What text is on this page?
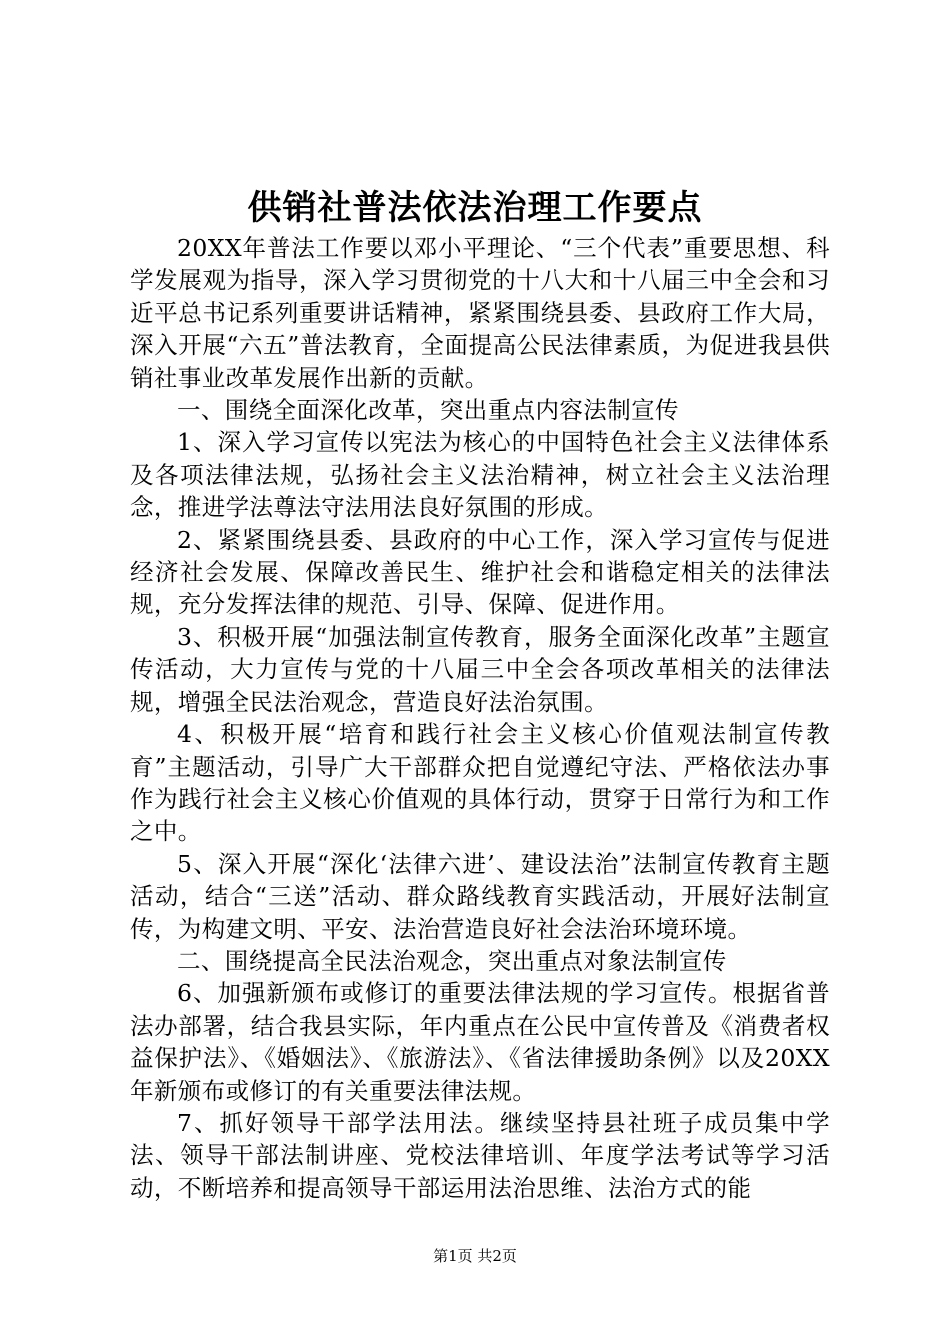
供销社普法依法治理工作要点

20XX年普法工作要以邓小平理论、“三个代表”重要思想、科学发展观为指导，深入学习贯彻党的十八大和十八届三中全会和习近平总书记系列重要讲话精神，紧紧围绕县委、县政府工作大局，深入开展“六五”普法教育，全面提高公民法律素质，为促进我县供销社事业改革发展作出新的贡献。

一、围绕全面深化改革，突出重点内容法制宣传

1、深入学习宣传以宪法为核心的中国特色社会主义法律体系及各项法律法规，弘扬社会主义法治精神，树立社会主义法治理念，推进学法尊法守法用法良好氛围的形成。

2、紧紧围绕县委、县政府的中心工作，深入学习宣传与促进经济社会发展、保障改善民生、维护社会和谐稳定相关的法律法规，充分发挥法律的规范、引导、保障、促进作用。

3、积极开展“加强法制宣传教育，服务全面深化改革”主题宣传活动，大力宣传与党的十八届三中全会各项改革相关的法律法规，增强全民法治观念，营造良好法治氛围。

4、积极开展“培育和践行社会主义核心价值观法制宣传教育”主题活动，引导广大干部群众把自觉遵纪守法、严格依法办事作为践行社会主义核心价值观的具体行动，贯穿于日常行为和工作之中。

5、深入开展“深化‘法律六进’、建设法治”法制宣传教育主题活动，结合“三送”活动、群众路线教育实践活动，开展好法制宣传，为构建文明、平安、法治营造良好社会法治环境环境。

二、围绕提高全民法治观念，突出重点对象法制宣传

6、加强新颁布或修订的重要法律法规的学习宣传。根据省普法办部署，结合我县实际，年内重点在公民中宣传普及《消费者权益保护法》、《婚姻法》、《旅游法》、《省法律援助条例》以及20XX年新颁布或修订的有关重要法律法规。

7、抓好领导干部学法用法。继续坚持县社班子成员集中学法、领导干部法制讲座、党校法律培训、年度学法考试等学习活动，不断培养和提高领导干部运用法治思维、法治方式的能

第1页 共2页
